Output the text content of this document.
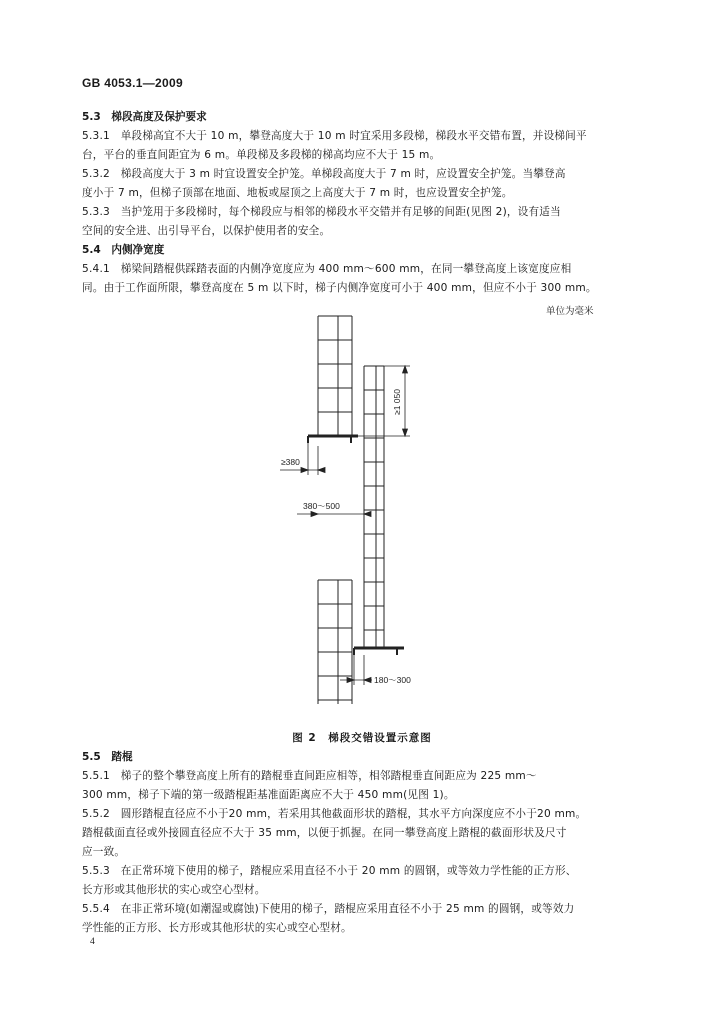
GB 4053.1—2009
5.3　梯段高度及保护要求
5.3.1　单段梯高宜不大于 10 m，攀登高度大于 10 m 时宜采用多段梯，梯段水平交错布置，并设梯间平
台，平台的垂直间距宜为 6 m。单段梯及多段梯的梯高均应不大于 15 m。
5.3.2　梯段高度大于 3 m 时宜设置安全护笼。单梯段高度大于 7 m 时，应设置安全护笼。当攀登高
度小于 7 m，但梯子顶部在地面、地板或屋顶之上高度大于 7 m 时，也应设置安全护笼。
5.3.3　当护笼用于多段梯时，每个梯段应与相邻的梯段水平交错并有足够的间距(见图 2)，设有适当
空间的安全进、出引导平台，以保护使用者的安全。
5.4　内侧净宽度
5.4.1　梯梁间踏棍供踩踏表面的内侧净宽度应为 400 mm～600 mm，在同一攀登高度上该宽度应相
同。由于工作面所限，攀登高度在 5 m 以下时，梯子内侧净宽度可小于 400 mm，但应不小于 300 mm。
单位为毫米
≥1 050
≥380
380～500
180～300
图 2　梯段交错设置示意图
5.5　踏棍
5.5.1　梯子的整个攀登高度上所有的踏棍垂直间距应相等，相邻踏棍垂直间距应为 225 mm～
300 mm，梯子下端的第一级踏棍距基准面距离应不大于 450 mm(见图 1)。
5.5.2　圆形踏棍直径应不小于20 mm，若采用其他截面形状的踏棍，其水平方向深度应不小于20 mm。
踏棍截面直径或外接圆直径应不大于 35 mm，以便于抓握。在同一攀登高度上踏棍的截面形状及尺寸
应一致。
5.5.3　在正常环境下使用的梯子，踏棍应采用直径不小于 20 mm 的圆钢，或等效力学性能的正方形、
长方形或其他形状的实心或空心型材。
5.5.4　在非正常环境(如潮湿或腐蚀)下使用的梯子，踏棍应采用直径不小于 25 mm 的圆钢，或等效力
学性能的正方形、长方形或其他形状的实心或空心型材。
4
